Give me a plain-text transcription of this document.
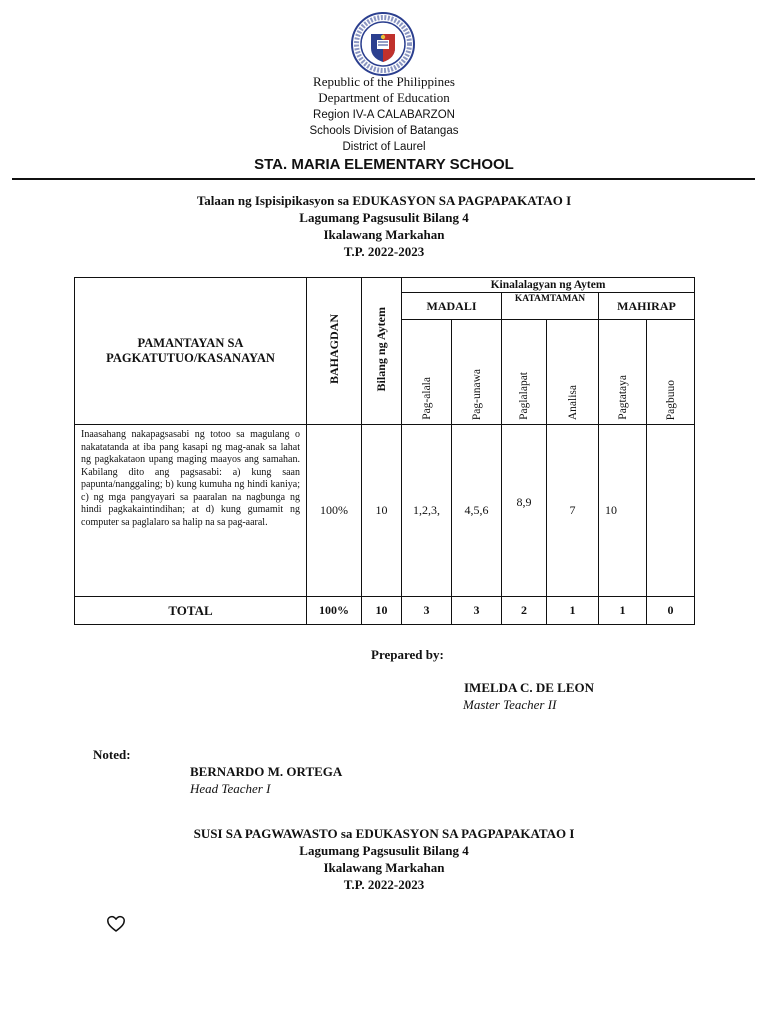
Republic of the Philippines
Department of Education
Region IV-A CALABARZON
Schools Division of Batangas
District of Laurel
STA. MARIA ELEMENTARY SCHOOL
Talaan ng Ispisipikasyon sa EDUKASYON SA PAGPAPAKATAO I
Lagumang Pagsusulit Bilang 4
Ikalawang Markahan
T.P. 2022-2023
PAMANTAYAN SA PAGKATUTUO/KASANAYAN	BAHAGDAN	Bilang ng Aytem	Kinalalagyan ng Aytem					
			MADALI		KATAMTAMAN		MAHIRAP	

			Pag-alala	Pag-unawa	Paglalapat	Analisa	Pagtataya	Pagbuuo

Inaasahang nakapagsasabi ng totoo sa magulang o nakatatanda at iba pang kasapi ng mag-anak sa lahat ng pagkakataon upang maging maayos ang samahan. Kabilang dito ang pagsasabi: a) kung saan papunta/nanggaling; b) kung kumuha ng hindi kaniya; c) ng mga pangyayari sa paaralan na nagbunga ng hindi pagkakaintindihan; at d) kung gumamit ng computer sa paglalaro sa halip na sa pag-aaral.	100%	10	1,2,3,	4,5,6	8,9	7	10	
TOTAL	100%	10	3	3	2	1	1	0
Prepared by:
IMELDA C. DE LEON
Master Teacher II
Noted:
BERNARDO M. ORTEGA
Head Teacher I
SUSI SA PAGWAWASTO sa EDUKASYON SA PAGPAPAKATAO I
Lagumang Pagsusulit Bilang 4
Ikalawang Markahan
T.P. 2022-2023
